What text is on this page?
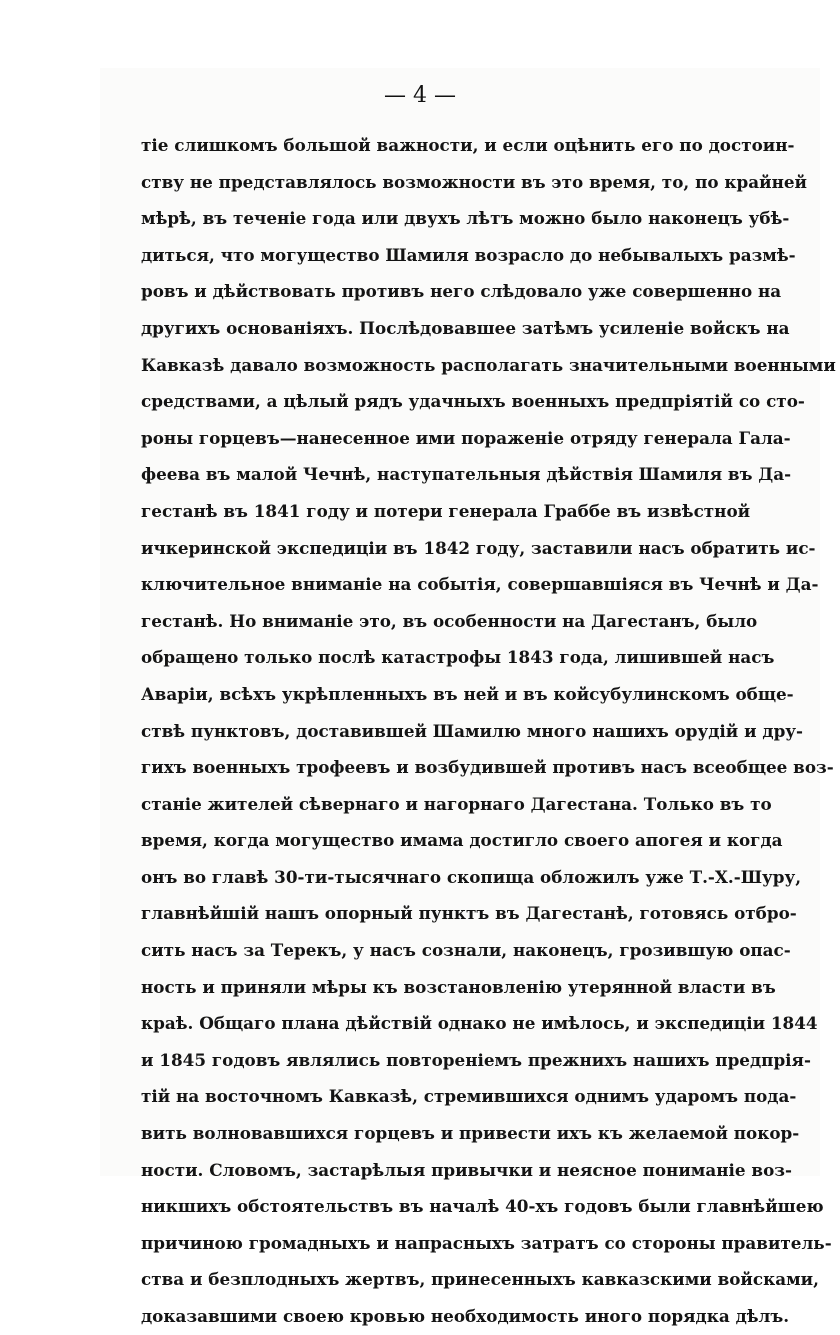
— 4 —
тіе слишкомъ большой важности, и если оцѣнить его по достоин-
ству не представлялось возможности въ это время, то, по крайней
мѣрѣ, въ теченіе года или двухъ лѣтъ можно было наконецъ убѣ-
диться, что могущество Шамиля возрасло до небывалыхъ размѣ-
ровъ и дѣйствовать противъ него слѣдовало уже совершенно на
другихъ основаніяхъ. Послѣдовавшее затѣмъ усиленіе войскъ на
Кавказѣ давало возможность располагать значительными военными
средствами, а цѣлый рядъ удачныхъ военныхъ предпріятій со сто-
роны горцевъ—нанесенное ими пораженіе отряду генерала Гала-
феева въ малой Чечнѣ, наступательныя дѣйствія Шамиля въ Да-
гестанѣ въ 1841 году и потери генерала Граббе въ извѣстной
ичкеринской экспедиціи въ 1842 году, заставили насъ обратить ис-
ключительное вниманіе на событія, совершавшіяся въ Чечнѣ и Да-
гестанѣ. Но вниманіе это, въ особенности на Дагестанъ, было
обращено только послѣ катастрофы 1843 года, лишившей насъ
Аваріи, всѣхъ укрѣпленныхъ въ ней и въ койсубулинскомъ обще-
ствѣ пунктовъ, доставившей Шамилю много нашихъ орудій и дру-
гихъ военныхъ трофеевъ и возбудившей противъ насъ всеобщее воз-
станіе жителей сѣвернаго и нагорнаго Дагестана. Только въ то
время, когда могущество имама достигло своего апогея и когда
онъ во главѣ 30-ти-тысячнаго скопища обложилъ уже Т.-Х.-Шуру,
главнѣйшій нашъ опорный пунктъ въ Дагестанѣ, готовясь отбро-
сить насъ за Терекъ, у насъ сознали, наконецъ, грозившую опас-
ность и приняли мѣры къ возстановленію утерянной власти въ
краѣ. Общаго плана дѣйствій однако не имѣлось, и экспедиціи 1844
и 1845 годовъ являлись повтореніемъ прежнихъ нашихъ предпрія-
тій на восточномъ Кавказѣ, стремившихся однимъ ударомъ пода-
вить волновавшихся горцевъ и привести ихъ къ желаемой покор-
ности. Словомъ, застарѣлыя привычки и неясное пониманіе воз-
никшихъ обстоятельствъ въ началѣ 40-хъ годовъ были главнѣйшею
причиною громадныхъ и напрасныхъ затратъ со стороны правитель-
ства и безплодныхъ жертвъ, принесенныхъ кавказскими войсками,
доказавшими своею кровью необходимость иного порядка дѣлъ.
